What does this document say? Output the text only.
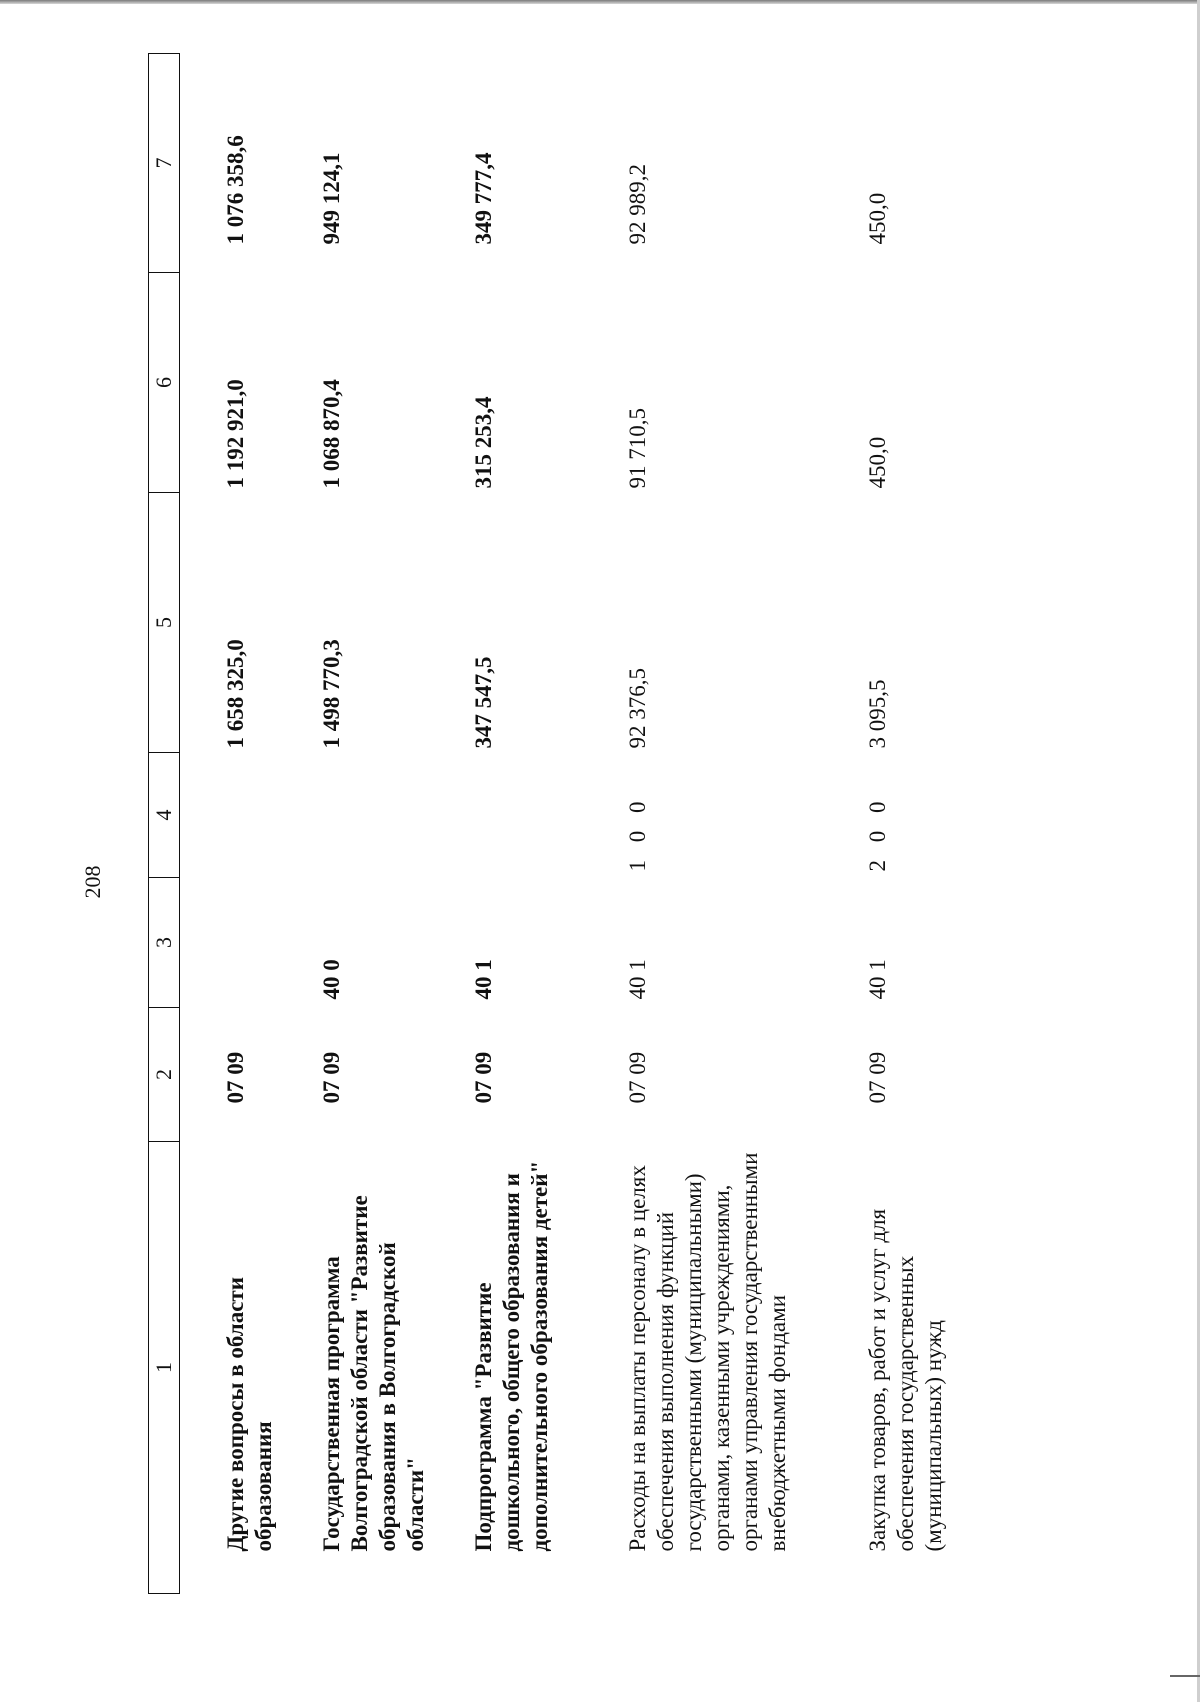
208
1	2	3	4	5	6	7
Другие вопросы в области образования	07 09			1 658 325,0	1 192 921,0	1 076 358,6
Государственная программа Волгоградской области "Развитие образования в Волгоградской области"	07 09	40 0		1 498 770,3	1 068 870,4	949 124,1
Подпрограмма "Развитие дошкольного, общего образования и дополнительного образования детей"	07 09	40 1		347 547,5	315 253,4	349 777,4
Расходы на выплаты персоналу в целях обеспечения выполнения функций государственными (муниципальными) органами, казенными учреждениями, органами управления государственными внебюджетными фондами	07 09	40 1	1 0 0	92 376,5	91 710,5	92 989,2
Закупка товаров, работ и услуг для обеспечения государственных (муниципальных) нужд	07 09	40 1	2 0 0	3 095,5	450,0	450,0
